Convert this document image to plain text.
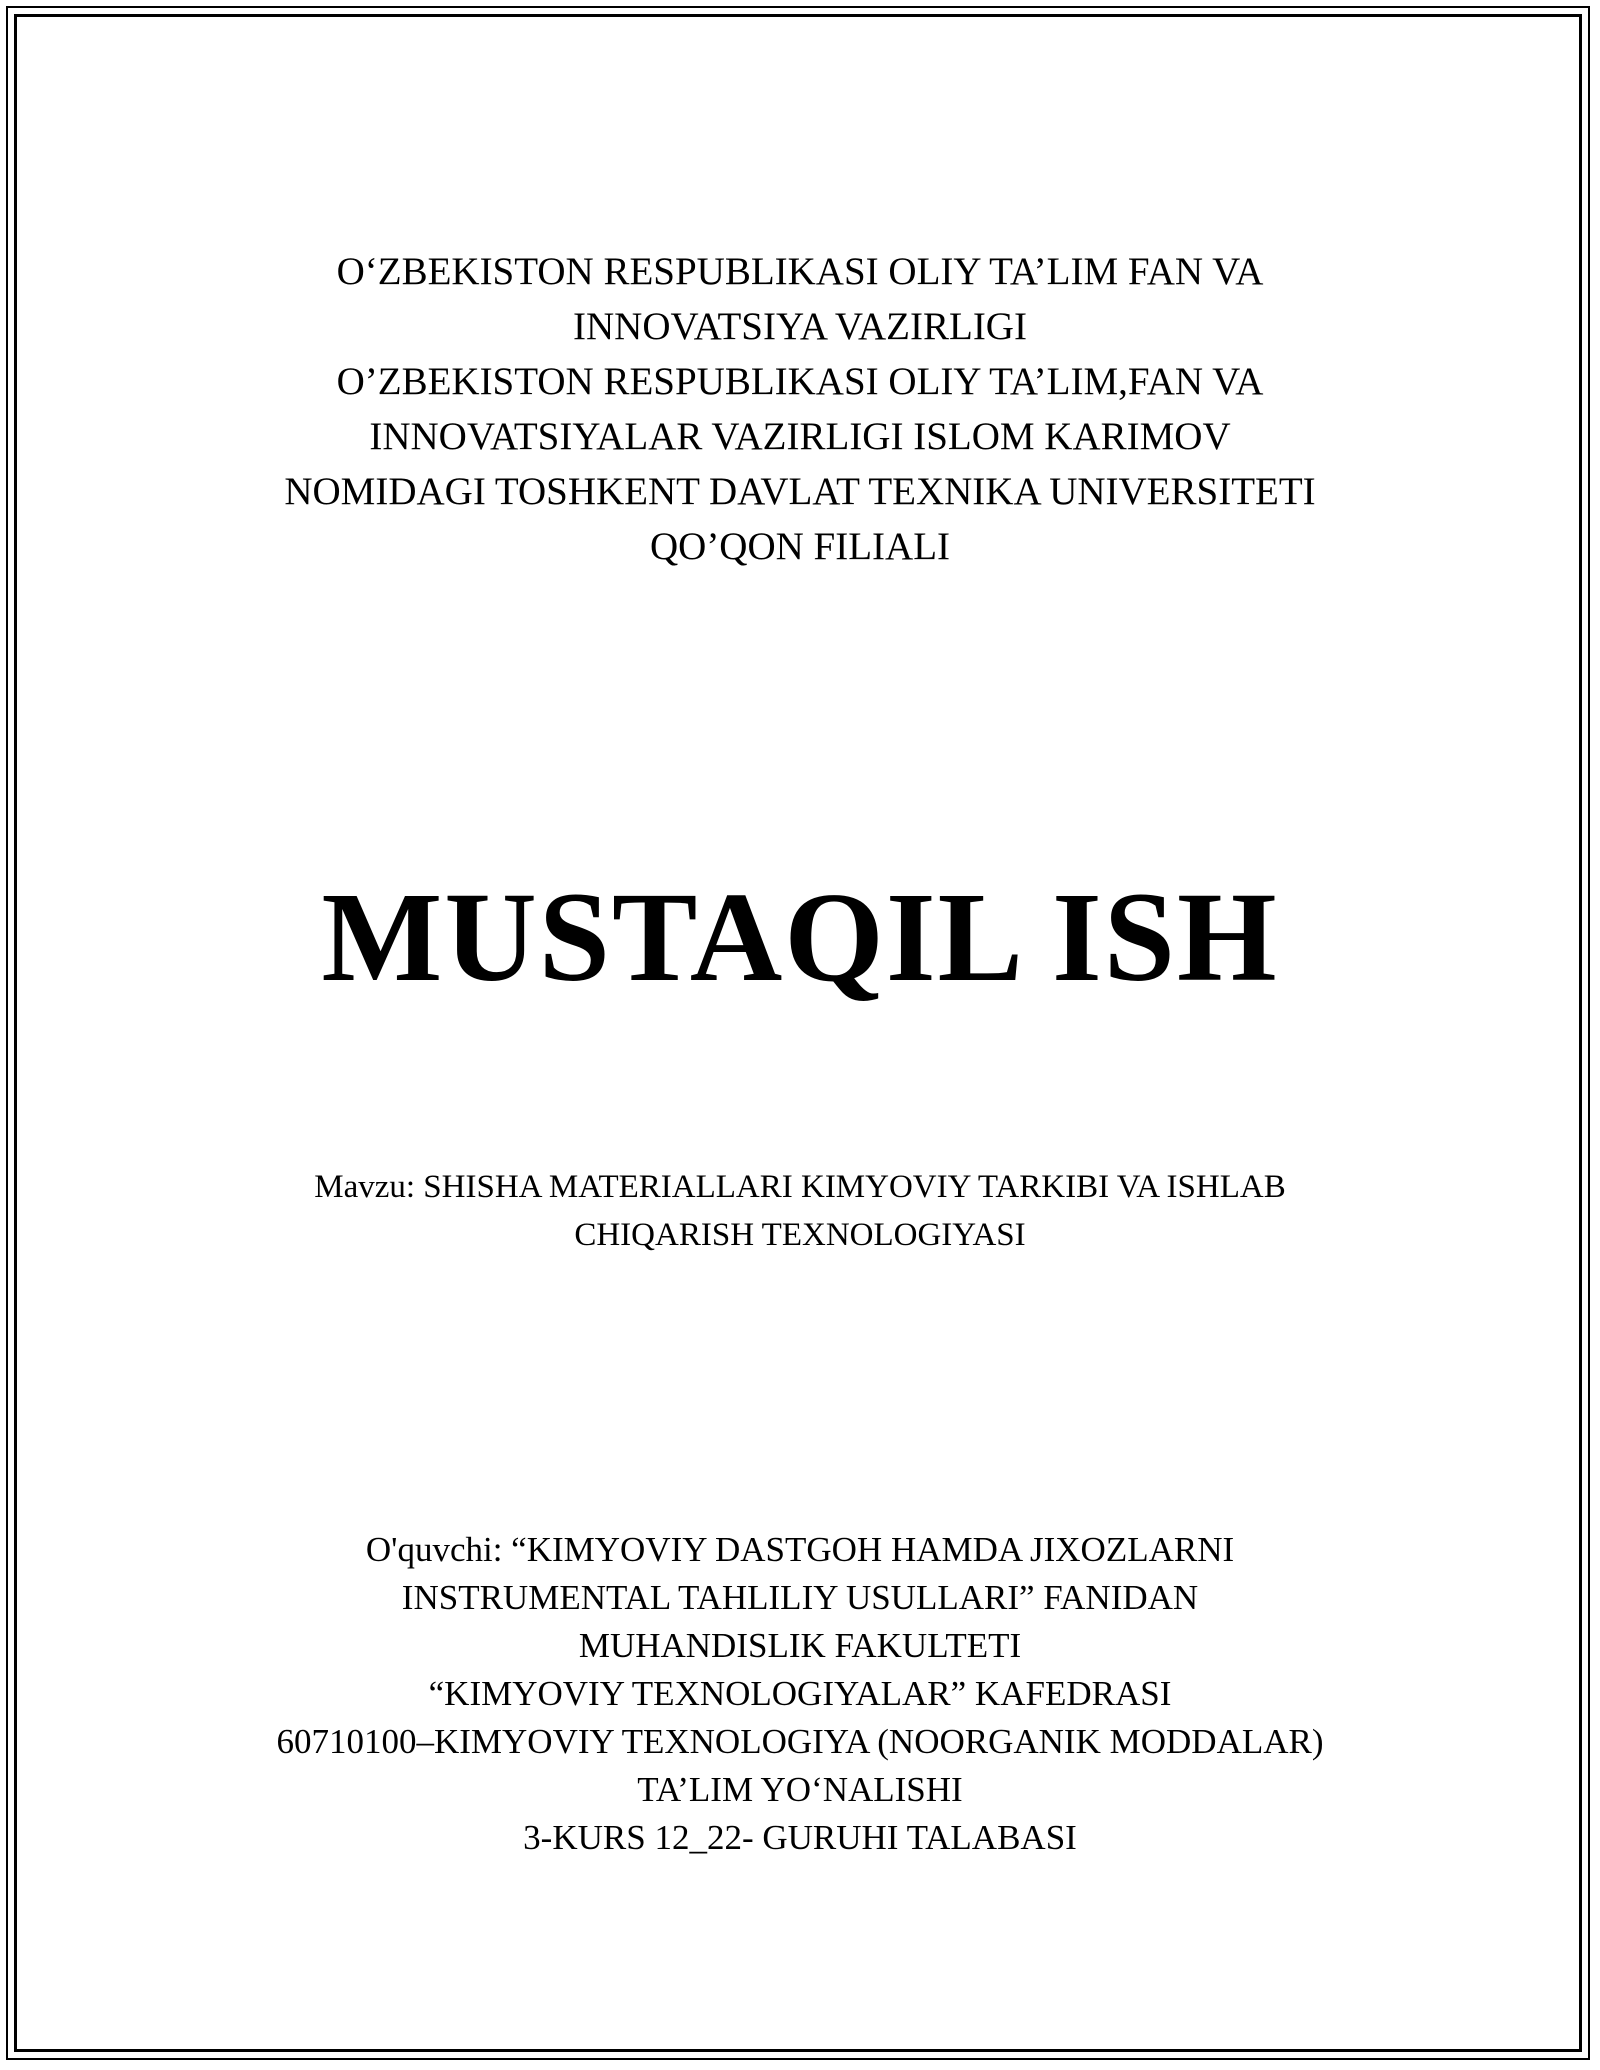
O‘ZBEKISTON RESPUBLIKASI OLIY TA’LIM FAN VA
INNOVATSIYA VAZIRLIGI
O’ZBEKISTON RESPUBLIKASI OLIY TA’LIM,FAN VA
INNOVATSIYALAR VAZIRLIGI ISLOM KARIMOV
NOMIDAGI TOSHKENT DAVLAT TEXNIKA UNIVERSITETI
QO’QON FILIALI
MUSTAQIL ISH
Mavzu: SHISHA MATERIALLARI KIMYOVIY TARKIBI VA ISHLAB
CHIQARISH TEXNOLOGIYASI
O'quvchi: “KIMYOVIY DASTGOH HAMDA JIXOZLARNI
INSTRUMENTAL TAHLILIY USULLARI” FANIDAN
MUHANDISLIK FAKULTETI
“KIMYOVIY TEXNOLOGIYALAR” KAFEDRASI
60710100–KIMYOVIY TEXNOLOGIYA (NOORGANIK MODDALAR)
TA’LIM YO‘NALISHI
3-KURS 12_22- GURUHI TALABASI
